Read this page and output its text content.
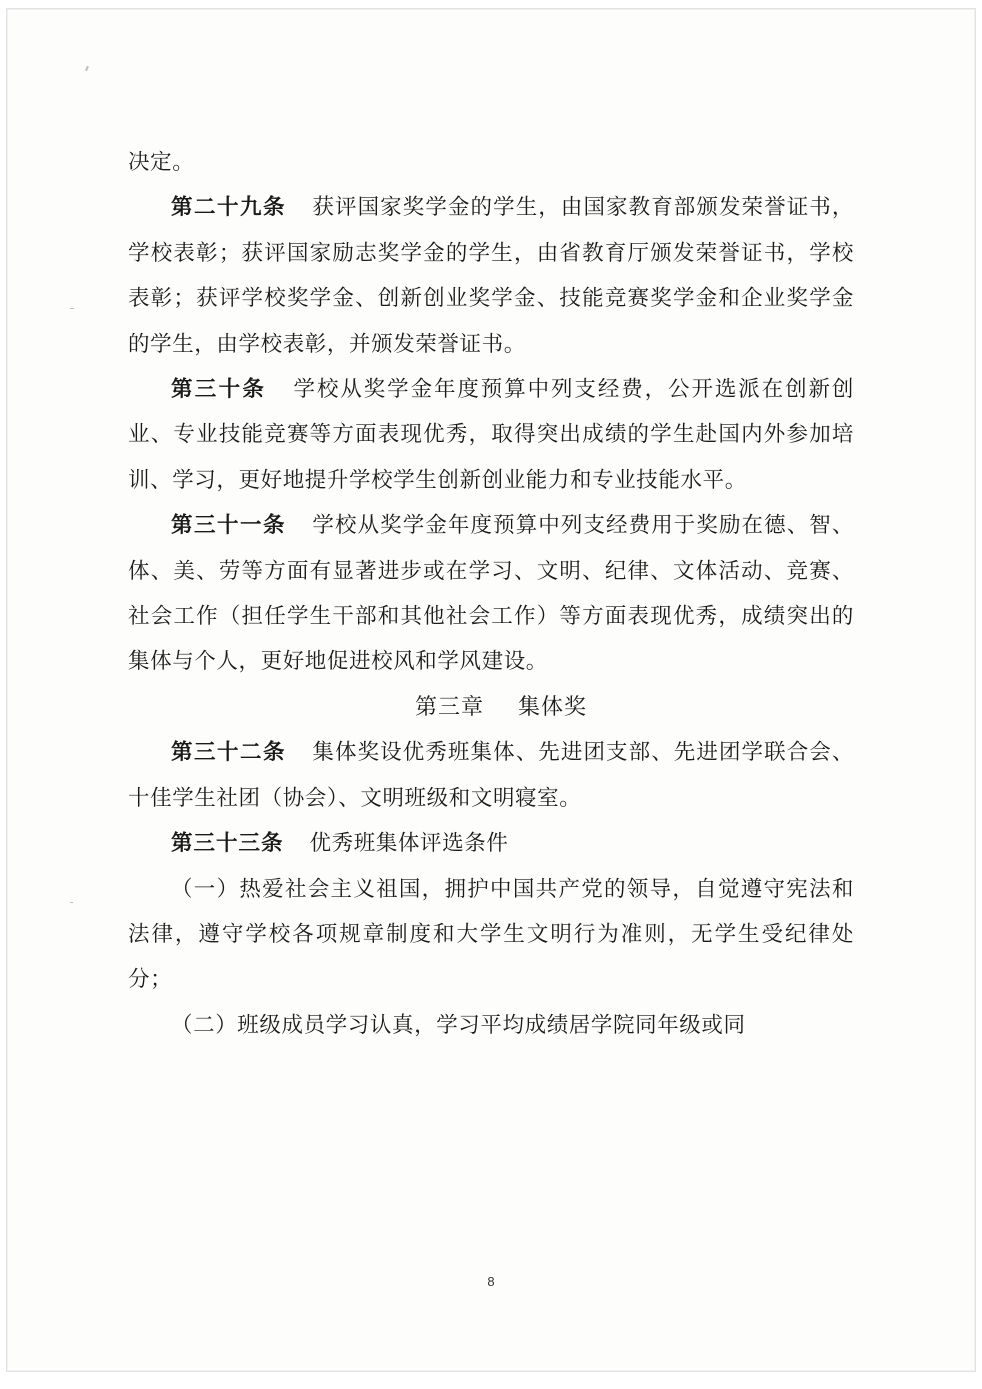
决定。

第二十九条 获评国家奖学金的学生，由国家教育部颁发荣誉证书，学校表彰；获评国家励志奖学金的学生，由省教育厅颁发荣誉证书，学校表彰；获评学校奖学金、创新创业奖学金、技能竞赛奖学金和企业奖学金的学生，由学校表彰，并颁发荣誉证书。

第三十条 学校从奖学金年度预算中列支经费，公开选派在创新创业、专业技能竞赛等方面表现优秀，取得突出成绩的学生赴国内外参加培训、学习，更好地提升学校学生创新创业能力和专业技能水平。

第三十一条 学校从奖学金年度预算中列支经费用于奖励在德、智、体、美、劳等方面有显著进步或在学习、文明、纪律、文体活动、竞赛、社会工作（担任学生干部和其他社会工作）等方面表现优秀，成绩突出的集体与个人，更好地促进校风和学风建设。

第三章 集体奖

第三十二条 集体奖设优秀班集体、先进团支部、先进团学联合会、十佳学生社团（协会）、文明班级和文明寝室。

第三十三条 优秀班集体评选条件

（一）热爱社会主义祖国，拥护中国共产党的领导，自觉遵守宪法和法律，遵守学校各项规章制度和大学生文明行为准则，无学生受纪律处分；

（二）班级成员学习认真，学习平均成绩居学院同年级或同

8
